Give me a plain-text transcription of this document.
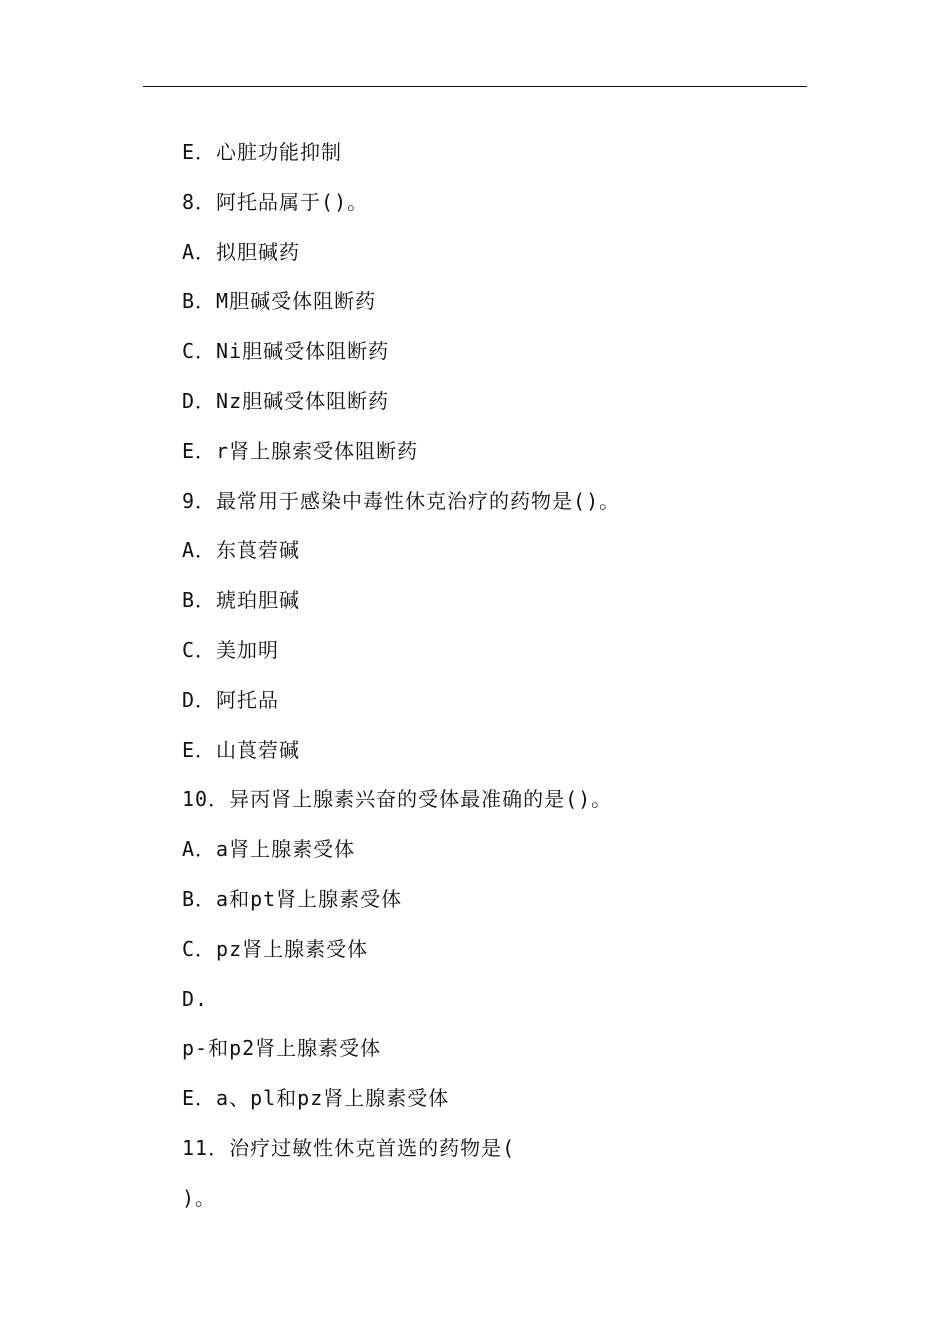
E．心脏功能抑制
8．阿托品属于()。
A．拟胆碱药
B．M胆碱受体阻断药
C．Ni胆碱受体阻断药
D．Nz胆碱受体阻断药
E．r肾上腺索受体阻断药
9．最常用于感染中毒性休克治疗的药物是()。
A．东莨菪碱
B．琥珀胆碱
C．美加明
D．阿托品
E．山莨菪碱
10．异丙肾上腺素兴奋的受体最准确的是()。
A．a肾上腺素受体
B．a和pt肾上腺素受体
C．pz肾上腺素受体
D.
p-和p2肾上腺素受体
E．a、pl和pz肾上腺素受体
11．治疗过敏性休克首选的药物是(
)。
